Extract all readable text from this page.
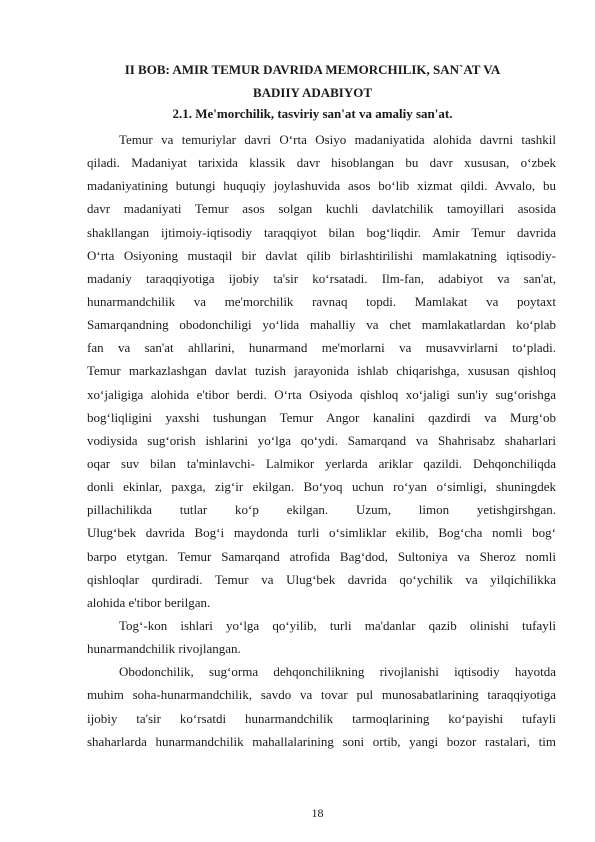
II BOB: AMIR TEMUR DAVRIDA MEMORCHILIK, SAN`AT VA
BADIIY ADABIYOT
2.1. Me'morchilik, tasviriy san'at va amaliy san'at.
Temur va temuriylar davri O‘rta Osiyo madaniyatida alohida davrni tashkil
qiladi. Madaniyat tarixida klassik davr hisoblangan bu davr xususan, o‘zbek
madaniyatining butungi huquqiy joylashuvida asos bo‘lib xizmat qildi. Avvalo, bu
davr madaniyati Temur asos solgan kuchli davlatchilik tamoyillari asosida
shakllangan ijtimoiy-iqtisodiy taraqqiyot bilan bog‘liqdir. Amir Temur davrida
O‘rta Osiyoning mustaqil bir davlat qilib birlashtirilishi mamlakatning iqtisodiy-
madaniy taraqqiyotiga ijobiy ta'sir ko‘rsatadi. Ilm-fan, adabiyot va san'at,
hunarmandchilik va me'morchilik ravnaq topdi. Mamlakat va poytaxt
Samarqandning obodonchiligi yo‘lida mahalliy va chet mamlakatlardan ko‘plab
fan va san'at ahllarini, hunarmand me'morlarni va musavvirlarni to‘pladi.
Temur markazlashgan davlat tuzish jarayonida ishlab chiqarishga, xususan qishloq
xo‘jaligiga alohida e'tibor berdi. O‘rta Osiyoda qishloq xo‘jaligi sun'iy sug‘orishga
bog‘liqligini yaxshi tushungan Temur Angor kanalini qazdirdi va Murg‘ob
vodiysida sug‘orish ishlarini yo‘lga qo‘ydi. Samarqand va Shahrisabz shaharlari
oqar suv bilan ta'minlavchi- Lalmikor yerlarda ariklar qazildi. Dehqonchiliqda
donli ekinlar, paxga, zig‘ir ekilgan. Bo‘yoq uchun ro‘yan o‘simligi, shuningdek
pillachilikda tutlar ko‘p ekilgan. Uzum, limon yetishgirshgan.
Ulug‘bek davrida Bog‘i maydonda turli o‘simliklar ekilib, Bog‘cha nomli bog‘
barpo etytgan. Temur Samarqand atrofida Bag‘dod, Sultoniya va Sheroz nomli
qishloqlar qurdiradi. Temur va Ulug‘bek davrida qo‘ychilik va yilqichilikka
alohida e'tibor berilgan.
Tog‘-kon ishlari yo‘lga qo‘yilib, turli ma'danlar qazib olinishi tufayli
hunarmandchilik rivojlangan.
Obodonchilik, sug‘orma dehqonchilikning rivojlanishi iqtisodiy hayotda
muhim soha-hunarmandchilik, savdo va tovar pul munosabatlarining taraqqiyotiga
ijobiy ta'sir ko‘rsatdi hunarmandchilik tarmoqlarining ko‘payishi tufayli
shaharlarda hunarmandchilik mahallalarining soni ortib, yangi bozor rastalari, tim
18
